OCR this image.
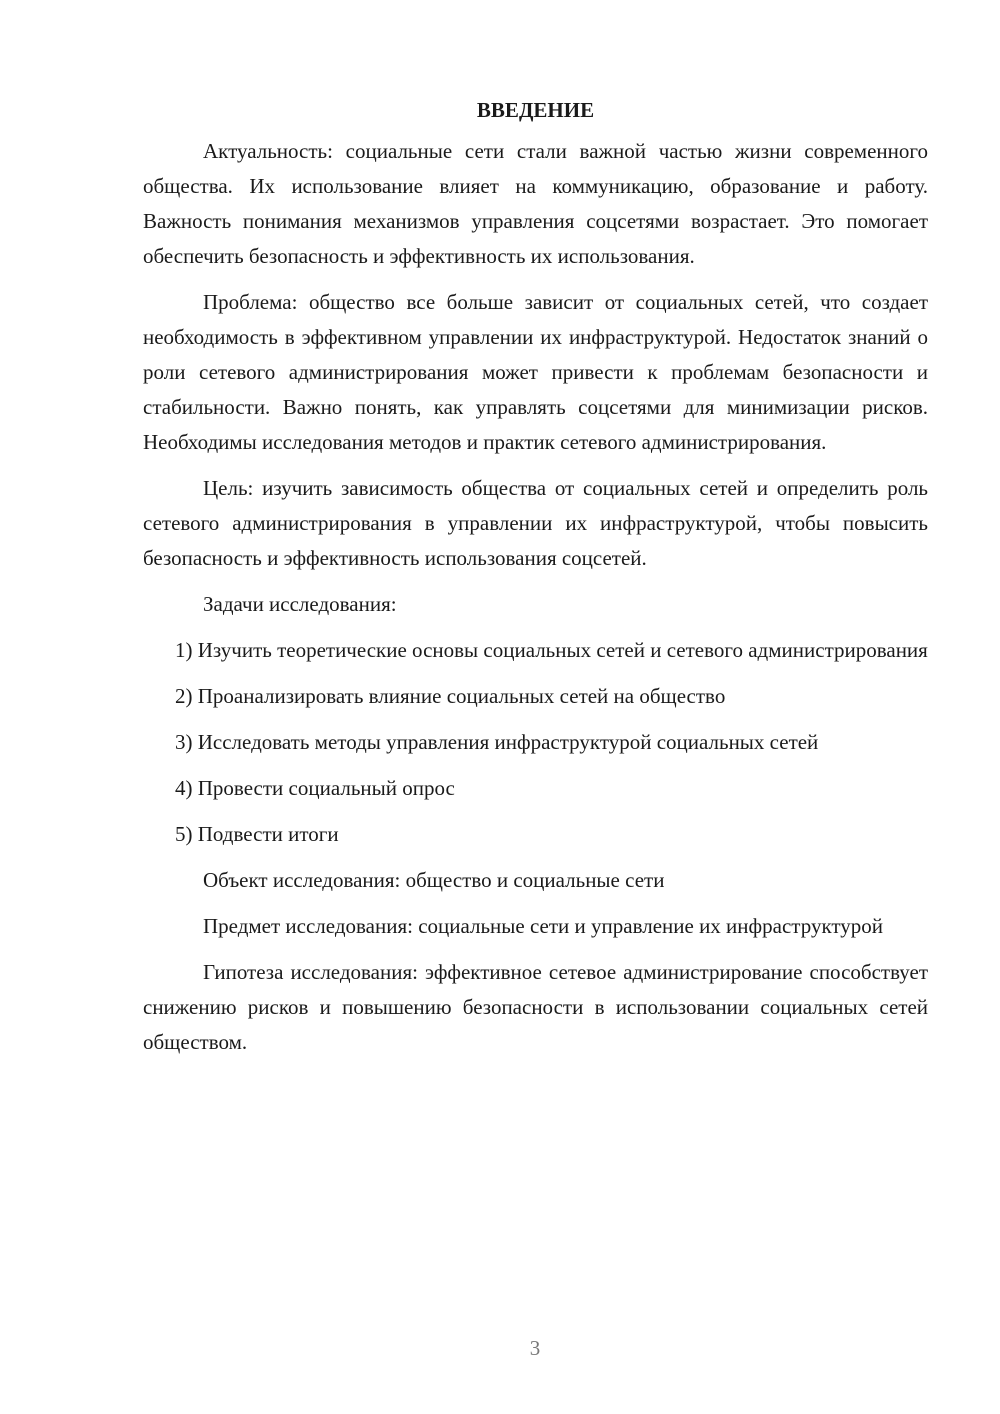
ВВЕДЕНИЕ

Актуальность: социальные сети стали важной частью жизни современного общества. Их использование влияет на коммуникацию, образование и работу. Важность понимания механизмов управления соцсетями возрастает. Это помогает обеспечить безопасность и эффективность их использования.

Проблема: общество все больше зависит от социальных сетей, что создает необходимость в эффективном управлении их инфраструктурой. Недостаток знаний о роли сетевого администрирования может привести к проблемам безопасности и стабильности. Важно понять, как управлять соцсетями для минимизации рисков. Необходимы исследования методов и практик сетевого администрирования.

Цель: изучить зависимость общества от социальных сетей и определить роль сетевого администрирования в управлении их инфраструктурой, чтобы повысить безопасность и эффективность использования соцсетей.

Задачи исследования:

1) Изучить теоретические основы социальных сетей и сетевого администрирования

2) Проанализировать влияние социальных сетей на общество

3) Исследовать методы управления инфраструктурой социальных сетей

4) Провести социальный опрос

5) Подвести итоги

Объект исследования: общество и социальные сети

Предмет исследования: социальные сети и управление их инфраструктурой

Гипотеза исследования: эффективное сетевое администрирование способствует снижению рисков и повышению безопасности в использовании социальных сетей обществом.

3
